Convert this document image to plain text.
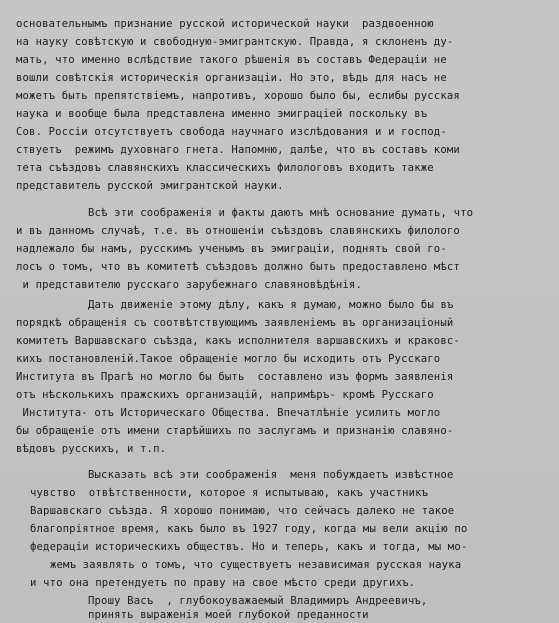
основательнымъ признание русской исторической науки  раздвоенною
на науку совѣтскую и свободную-эмигрантскую. Правда, я склоненъ ду-
мать, что именно вслѣдствие такого рѣшенія въ составъ Федераціи не
вошли совѣтскія историческія организаціи. Но это, вѣдь для насъ не
можетъ быть препятствіемъ, напротивъ, хорошо было бы, еслибы русская
наука и вообще была представлена именно эмиграціей поскольку въ
Сов. Россіи отсутствуетъ свобода научнаго изслѣдования и и господ-
ствуетъ  режимъ духовнаго гнета. Напомню, далѣе, что въ составъ коми
тета съѣздовъ славянскихъ классическихъ филологовъ входитъ также
представитель русской эмигрантской науки.
Всѣ эти соображенія и факты даютъ мнѣ основание думать, что
и въ данномъ случаѣ, т.е. въ отношеніи съѣздовъ славянскихъ филолого
надлежало бы намъ, русскимъ ученымъ въ эмиграціи, поднять свой го-
лосъ о томъ, что въ комитетѣ съѣздовъ должно быть предоставлено мѣст
и представителю русскаго зарубежнаго славяновѣдѣнія.
Дать движеніе этому дѣлу, какъ я думаю, можно было бы въ
порядкѣ обращенія съ соотвѣтствующимъ заявленіемъ въ организаціоный
комитетъ Варшавскаго съѣзда, какъ исполнителя варшавскихъ и краковс-
кихъ постановленій.Такое обращеніе могло бы исходить отъ Русскаго
Института въ Прагѣ но могло бы быть  составлено изъ формъ заявленія
отъ нѣсколькихъ пражскихъ организацій, напримѣръ- кромѣ Русскаго
Института- отъ Историческаго Общества. Впечатлѣніе усилить могло
бы обращеніе отъ имени старѣйшихъ по заслугамъ и признанію славяно-
вѣдовъ русскихъ, и т.п.
Высказать всѣ эти соображенія  меня побуждаетъ извѣстное
чувство  отвѣтственности, которое я испытываю, какъ участникъ
Варшавскаго съѣзда. Я хорошо понимаю, что сейчасъ далеко не такое
благопріятное время, какъ было въ 1927 году, когда мы вели акцію по
федераціи историческихъ обществъ. Но и теперь, какъ и тогда, мы мо-
жемъ заявлять о томъ, что существуетъ независимая русская наука
и что она претендуетъ по праву на свое мѣсто среди другихъ.
Прошу Васъ  , глубокоуважаемый Владимиръ Андреевичъ,
принять выраженія моей глубокой преданности
